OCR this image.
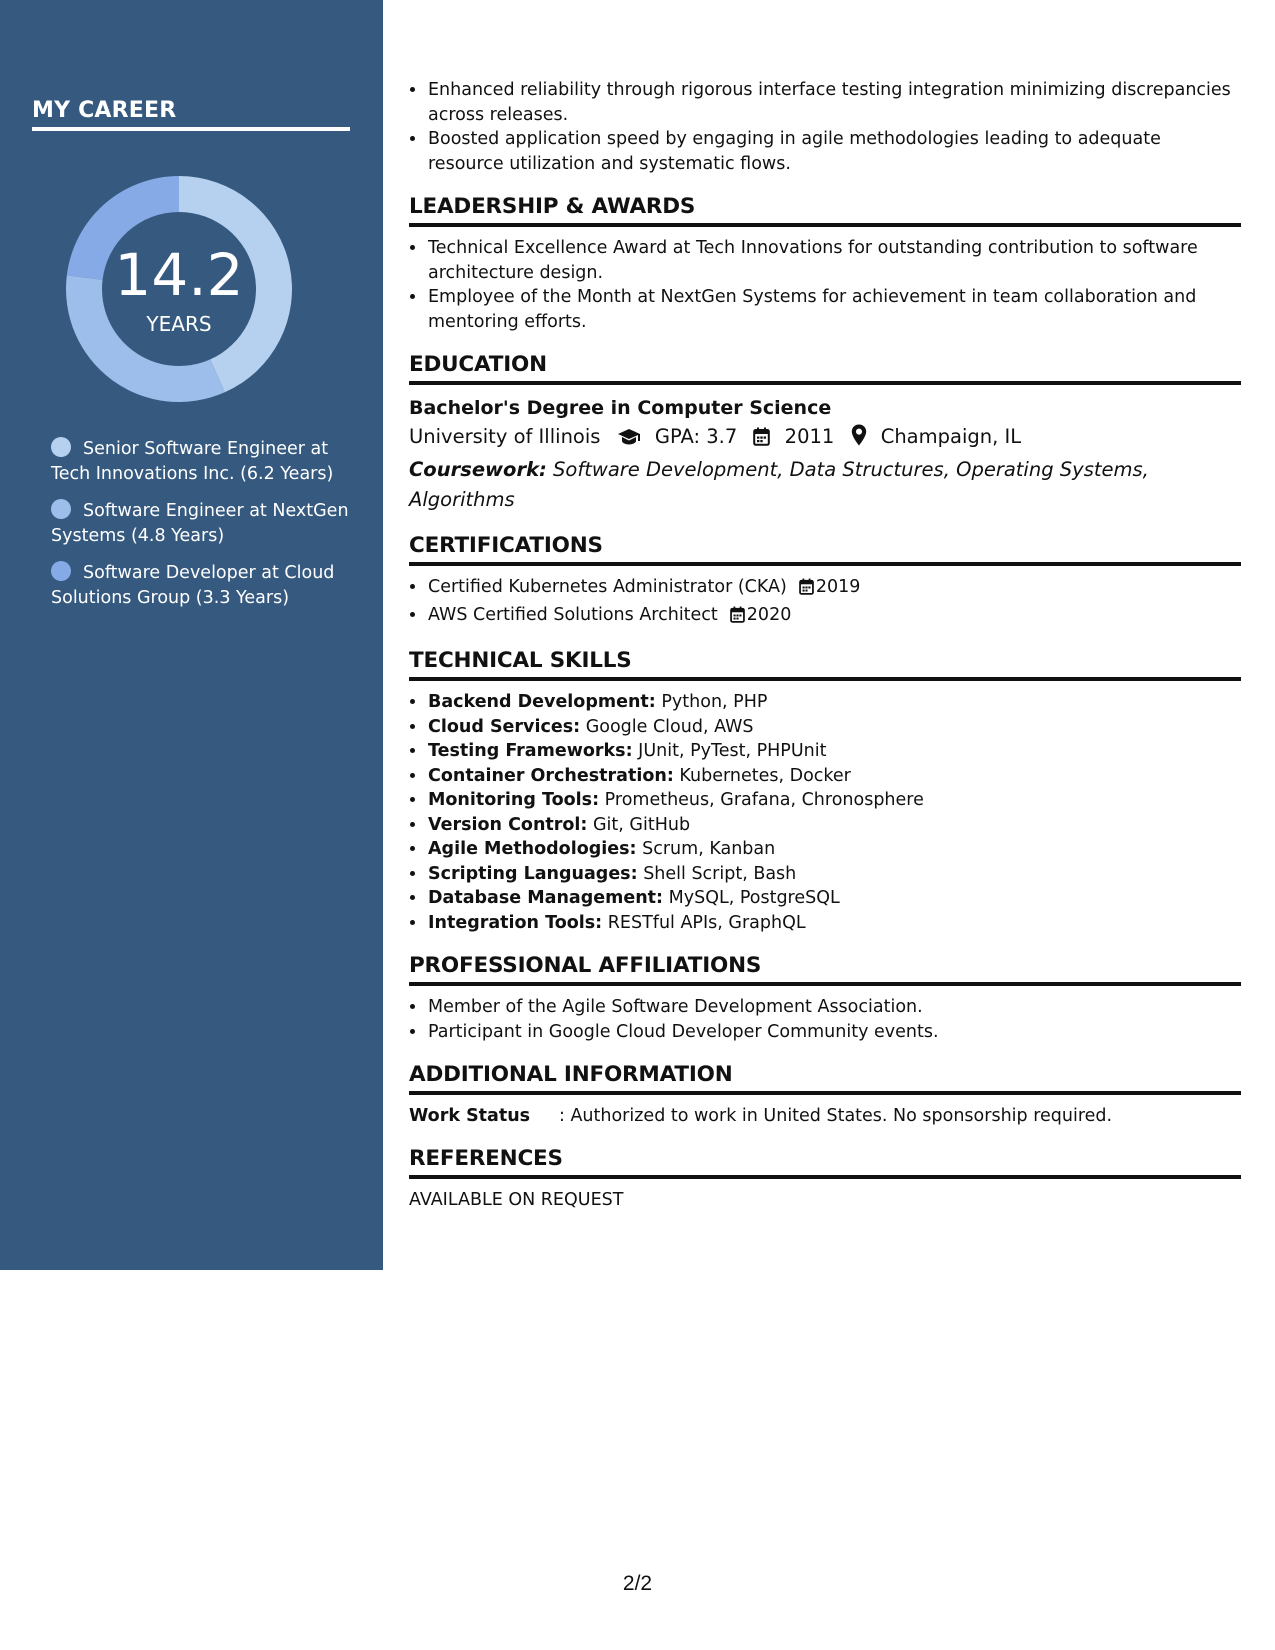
MY CAREER
14.2
YEARS
Senior Software Engineer at Tech Innovations Inc. (6.2 Years)
Software Engineer at NextGen Systems (4.8 Years)
Software Developer at Cloud Solutions Group (3.3 Years)
• Enhanced reliability through rigorous interface testing integration minimizing discrepancies across releases.
• Boosted application speed by engaging in agile methodologies leading to adequate resource utilization and systematic flows.
LEADERSHIP & AWARDS
• Technical Excellence Award at Tech Innovations for outstanding contribution to software architecture design.
• Employee of the Month at NextGen Systems for achievement in team collaboration and mentoring efforts.
EDUCATION
Bachelor's Degree in Computer Science
University of Illinois	GPA: 3.7 2011 Champaign, IL
Coursework: Software Development, Data Structures, Operating Systems, Algorithms
CERTIFICATIONS
• Certified Kubernetes Administrator (CKA) 2019
• AWS Certified Solutions Architect 2020
TECHNICAL SKILLS
• Backend Development: Python, PHP
• Cloud Services: Google Cloud, AWS
• Testing Frameworks: JUnit, PyTest, PHPUnit
• Container Orchestration: Kubernetes, Docker
• Monitoring Tools: Prometheus, Grafana, Chronosphere
• Version Control: Git, GitHub
• Agile Methodologies: Scrum, Kanban
• Scripting Languages: Shell Script, Bash
• Database Management: MySQL, PostgreSQL
• Integration Tools: RESTful APIs, GraphQL
PROFESSIONAL AFFILIATIONS
• Member of the Agile Software Development Association.
• Participant in Google Cloud Developer Community events.
ADDITIONAL INFORMATION
Work Status : Authorized to work in United States. No sponsorship required.
REFERENCES
AVAILABLE ON REQUEST
2/2
